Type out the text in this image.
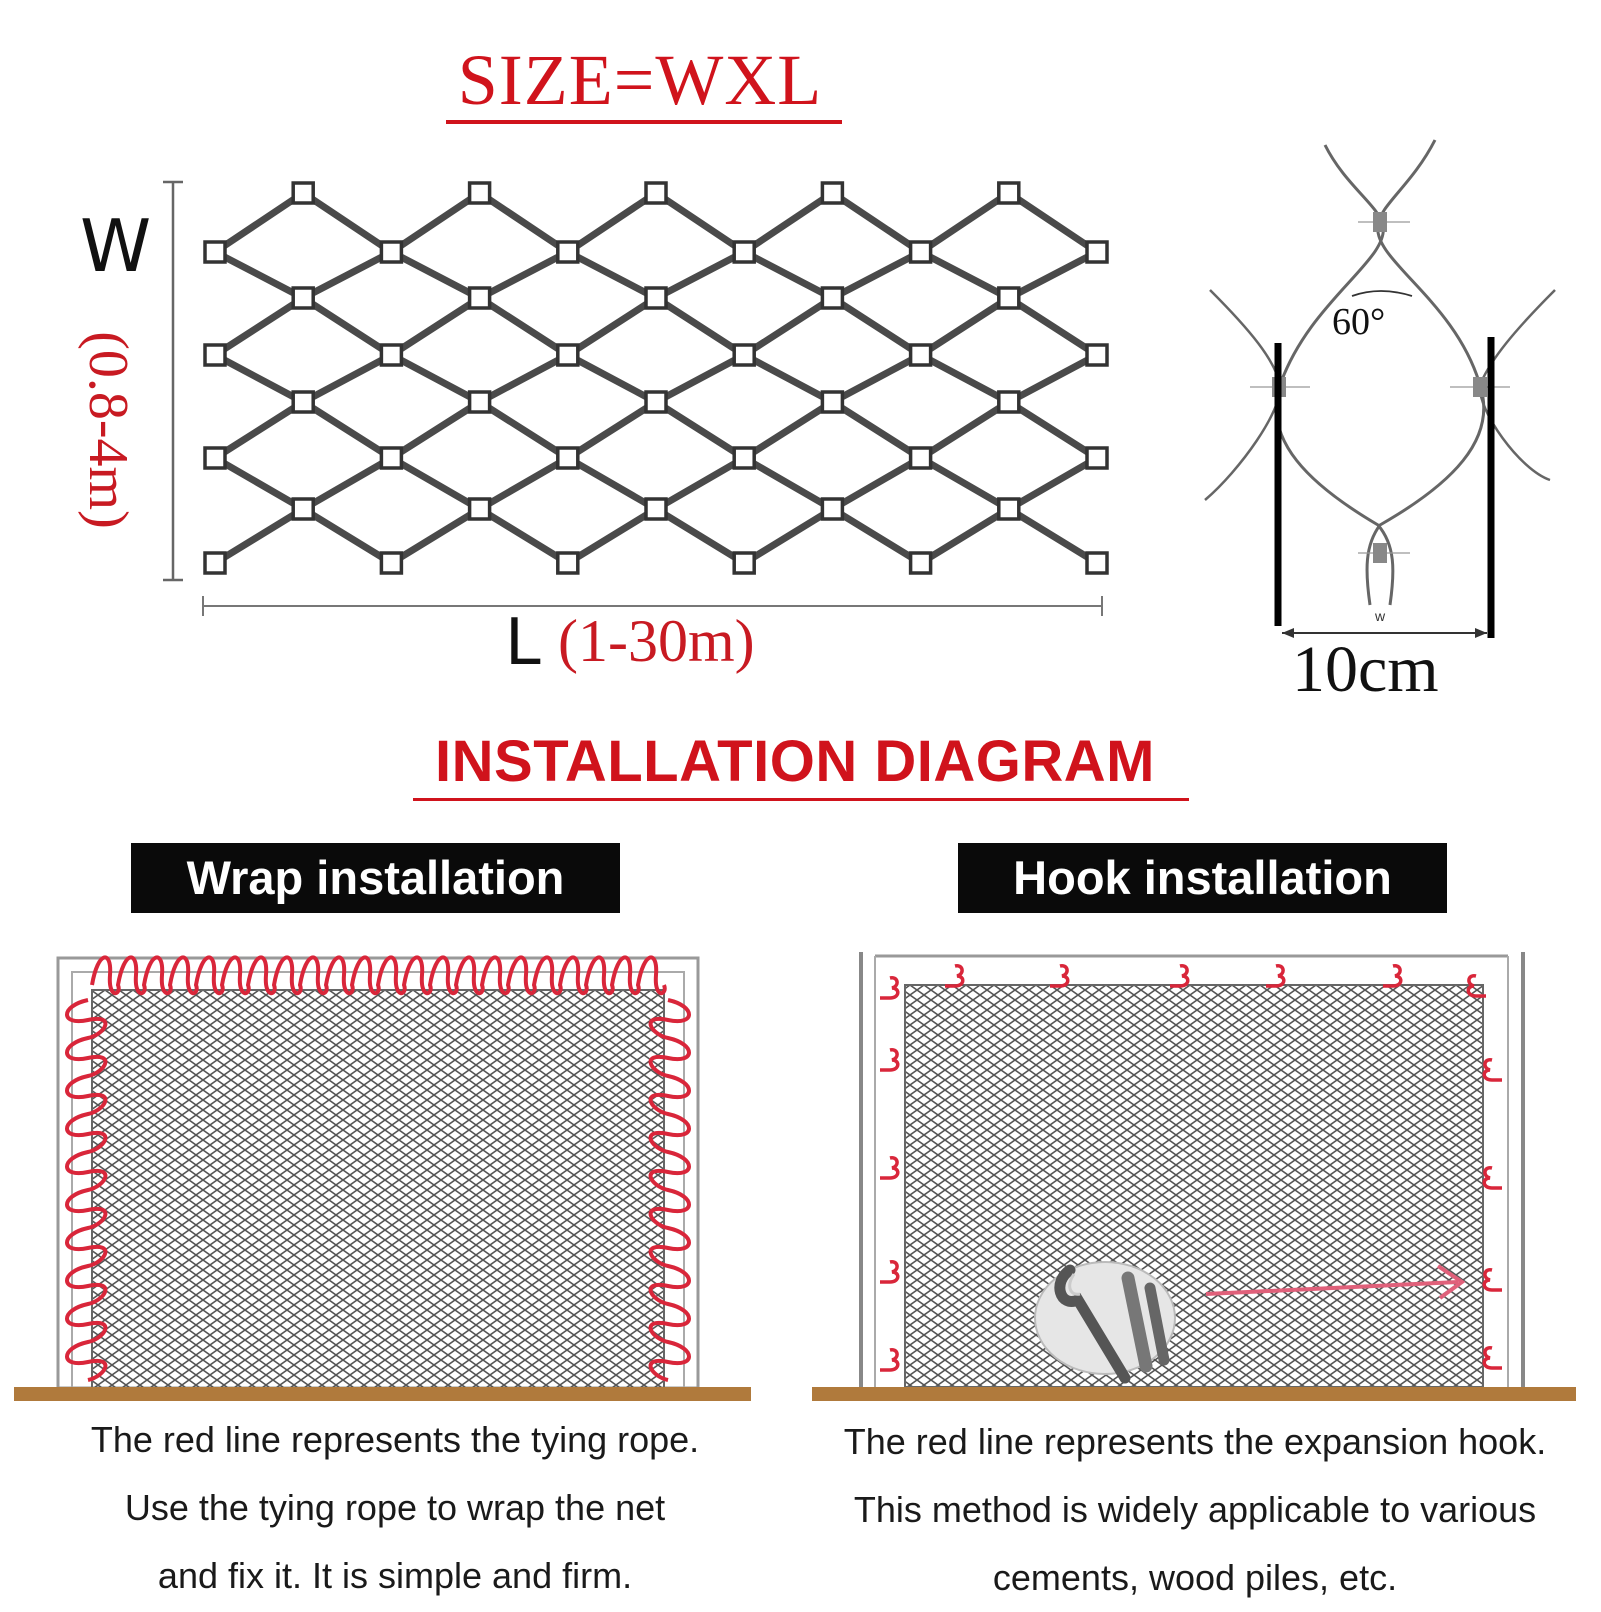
SIZE=WXL
W
(0.8-4m)
L (1-30m)
60°
w
10cm
INSTALLATION DIAGRAM
Wrap installation	Hook installation
The red line represents the tying rope.
Use the tying rope to wrap the net
and fix it. It is simple and firm.
The red line represents the expansion hook.
This method is widely applicable to various
cements, wood piles, etc.
